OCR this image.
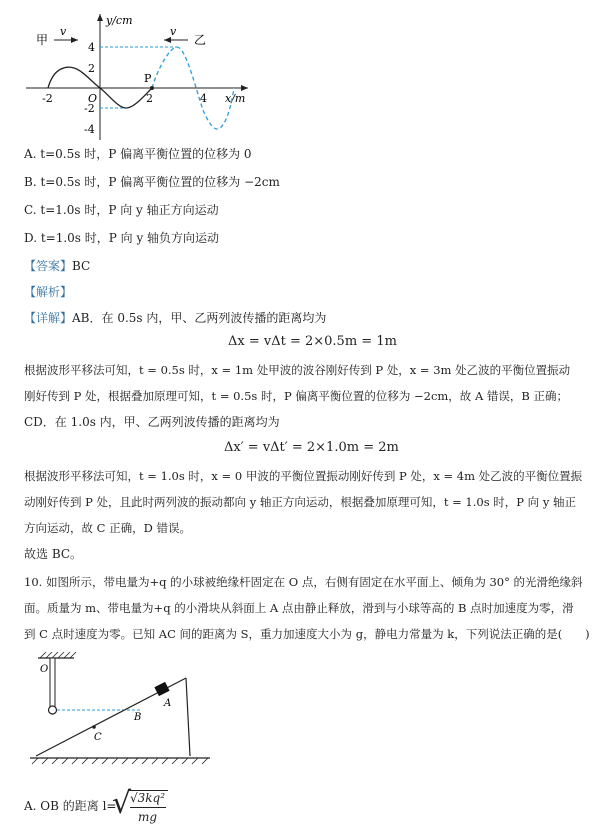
y/cm
x/m
O
4
2
-2
-4
-2	2	4
P
甲
v	v
乙
A. t=0.5s 时，P 偏离平衡位置的位移为 0
B. t=0.5s 时，P 偏离平衡位置的位移为 −2cm
C. t=1.0s 时，P 向 y 轴正方向运动
D. t=1.0s 时，P 向 y 轴负方向运动
【答案】BC
【解析】
【详解】AB．在 0.5s 内，甲、乙两列波传播的距离均为
Δx = vΔt = 2×0.5m = 1m
根据波形平移法可知，t = 0.5s 时，x = 1m 处甲波的波谷刚好传到 P 处，x = 3m 处乙波的平衡位置振动
刚好传到 P 处，根据叠加原理可知，t = 0.5s 时，P 偏离平衡位置的位移为 −2cm，故 A 错误，B 正确；
CD．在 1.0s 内，甲、乙两列波传播的距离均为
Δx′ = vΔt′ = 2×1.0m = 2m
根据波形平移法可知，t = 1.0s 时，x = 0 甲波的平衡位置振动刚好传到 P 处，x = 4m 处乙波的平衡位置振
动刚好传到 P 处，且此时两列波的振动都向 y 轴正方向运动，根据叠加原理可知，t = 1.0s 时，P 向 y 轴正
方向运动，故 C 正确，D 错误。
故选 BC。
10. 如图所示，带电量为+q 的小球被绝缘杆固定在 O 点，右侧有固定在水平面上、倾角为 30° 的光滑绝缘斜
面。质量为 m、带电量为+q 的小滑块从斜面上 A 点由静止释放，滑到与小球等高的 B 点时加速度为零，滑
到 C 点时速度为零。已知 AC 间的距离为 S，重力加速度大小为 g，静电力常量为 k，下列说法正确的是(　　)
O
A
B
C
A. OB 的距离 l=
√
√3kq²
mg
